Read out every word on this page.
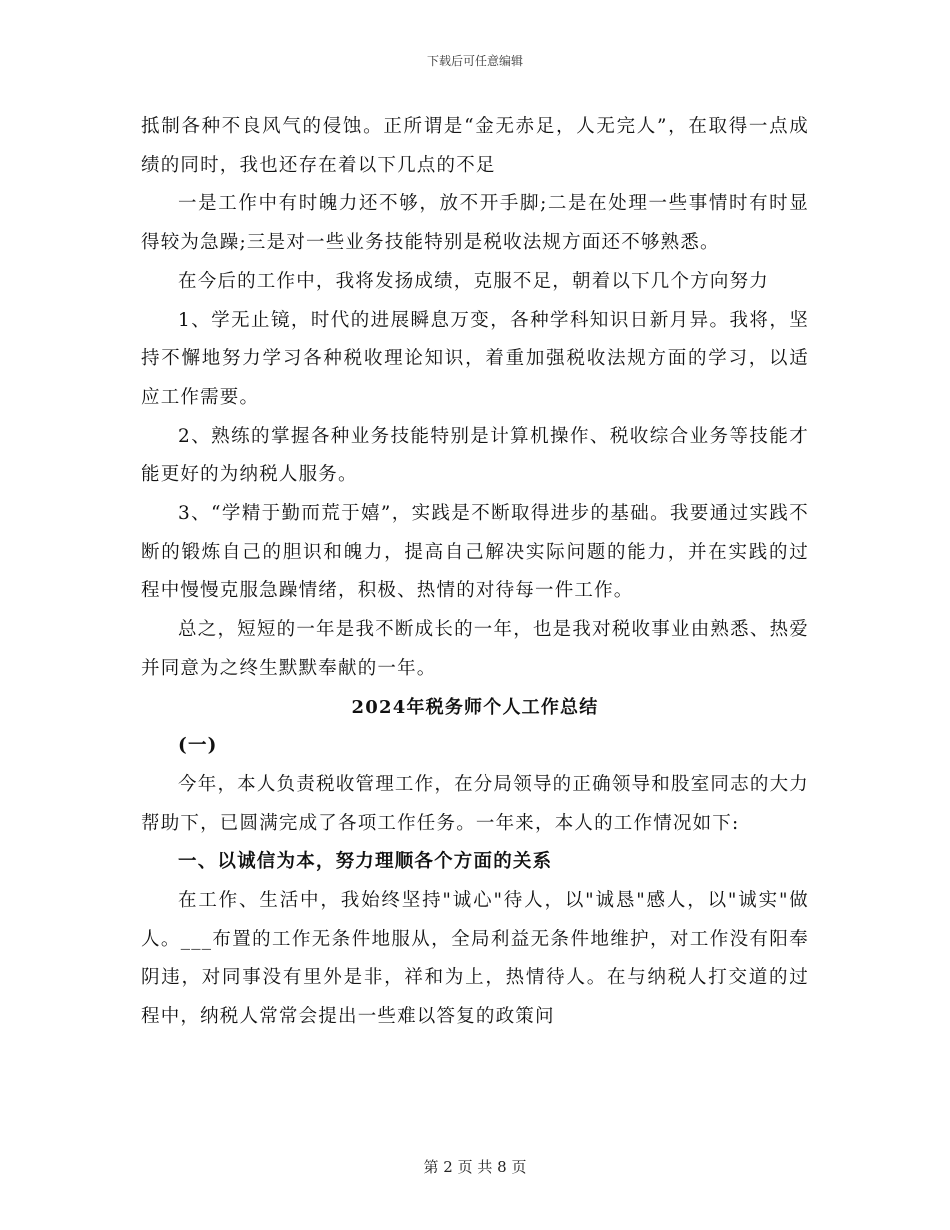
下载后可任意编辑

抵制各种不良风气的侵蚀。正所谓是“金无赤足，人无完人”，在取得一点成绩的同时，我也还存在着以下几点的不足

一是工作中有时魄力还不够，放不开手脚;二是在处理一些事情时有时显得较为急躁;三是对一些业务技能特别是税收法规方面还不够熟悉。

在今后的工作中，我将发扬成绩，克服不足，朝着以下几个方向努力

1、学无止镜，时代的进展瞬息万变，各种学科知识日新月异。我将，坚持不懈地努力学习各种税收理论知识，着重加强税收法规方面的学习，以适应工作需要。

2、熟练的掌握各种业务技能特别是计算机操作、税收综合业务等技能才能更好的为纳税人服务。

3、“学精于勤而荒于嬉”，实践是不断取得进步的基础。我要通过实践不断的锻炼自己的胆识和魄力，提高自己解决实际问题的能力，并在实践的过程中慢慢克服急躁情绪，积极、热情的对待每一件工作。

总之，短短的一年是我不断成长的一年，也是我对税收事业由熟悉、热爱并同意为之终生默默奉献的一年。

2024年税务师个人工作总结

(一)

今年，本人负责税收管理工作，在分局领导的正确领导和股室同志的大力帮助下，已圆满完成了各项工作任务。一年来，本人的工作情况如下:

一、以诚信为本，努力理顺各个方面的关系

在工作、生活中，我始终坚持"诚心"待人，以"诚恳"感人，以"诚实"做人。___布置的工作无条件地服从，全局利益无条件地维护，对工作没有阳奉阴违，对同事没有里外是非，祥和为上，热情待人。在与纳税人打交道的过程中，纳税人常常会提出一些难以答复的政策问

第 2 页 共 8 页
